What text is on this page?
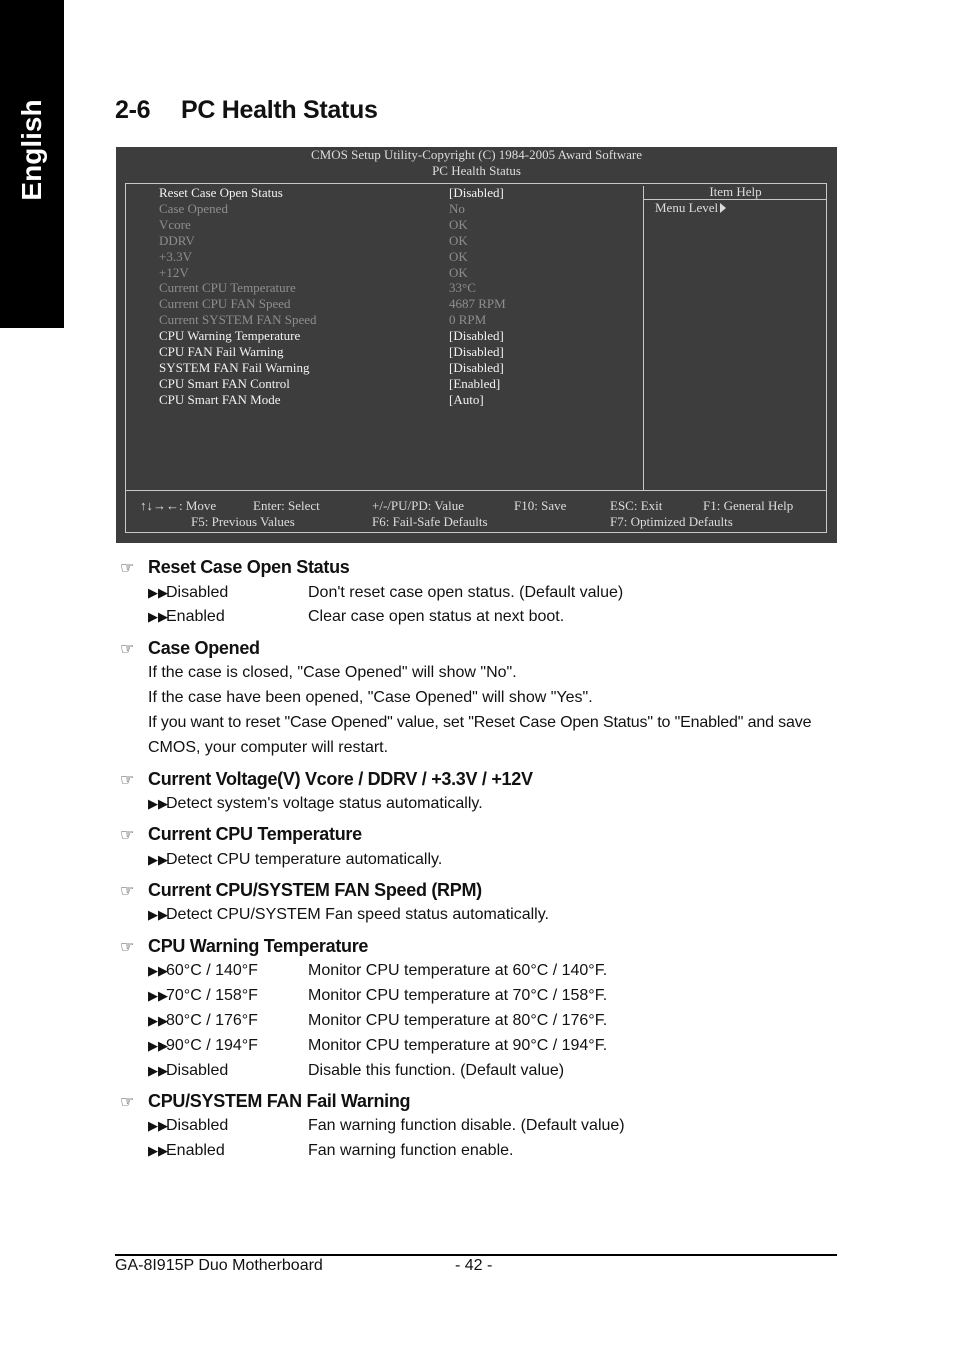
English	2-6 PC Health Status
CMOS Setup Utility-Copyright (C) 1984-2005 Award Software
PC Health Status
Item Help
Menu Level
Reset Case Open Status	[Disabled]
Case Opened	No
Vcore	OK
DDRV	OK
+3.3V	OK
+12V	OK
Current CPU Temperature	33°C
Current CPU FAN Speed	4687 RPM
Current SYSTEM FAN Speed	0 RPM
CPU Warning Temperature	[Disabled]
CPU FAN Fail Warning	[Disabled]
SYSTEM FAN Fail Warning	[Disabled]
CPU Smart FAN Control	[Enabled]
CPU Smart FAN Mode	[Auto]
↑↓→←: Move	Enter: Select	+/-/PU/PD: Value	F10: Save	ESC: Exit	F1: General Help
F5: Previous Values	F6: Fail-Safe Defaults	F7: Optimized Defaults
☞ Reset Case Open Status
▶▶Disabled	Don't reset case open status. (Default value)
▶▶Enabled	Clear case open status at next boot.
☞ Case Opened
If the case is closed, "Case Opened" will show "No".
If the case have been opened, "Case Opened" will show "Yes".
If you want to reset "Case Opened" value, set "Reset Case Open Status" to "Enabled" and save
CMOS, your computer will restart.
☞ Current Voltage(V) Vcore / DDRV / +3.3V / +12V
▶▶Detect system's voltage status automatically.
☞ Current CPU Temperature
▶▶Detect CPU temperature automatically.
☞ Current CPU/SYSTEM FAN Speed (RPM)
▶▶Detect CPU/SYSTEM Fan speed status automatically.
☞ CPU Warning Temperature
▶▶60°C / 140°F	Monitor CPU temperature at 60°C / 140°F.
▶▶70°C / 158°F	Monitor CPU temperature at 70°C / 158°F.
▶▶80°C / 176°F	Monitor CPU temperature at 80°C / 176°F.
▶▶90°C / 194°F	Monitor CPU temperature at 90°C / 194°F.
▶▶Disabled	Disable this function. (Default value)
☞ CPU/SYSTEM FAN Fail Warning
▶▶Disabled	Fan warning function disable. (Default value)
▶▶Enabled	Fan warning function enable.
GA-8I915P Duo Motherboard	- 42 -
